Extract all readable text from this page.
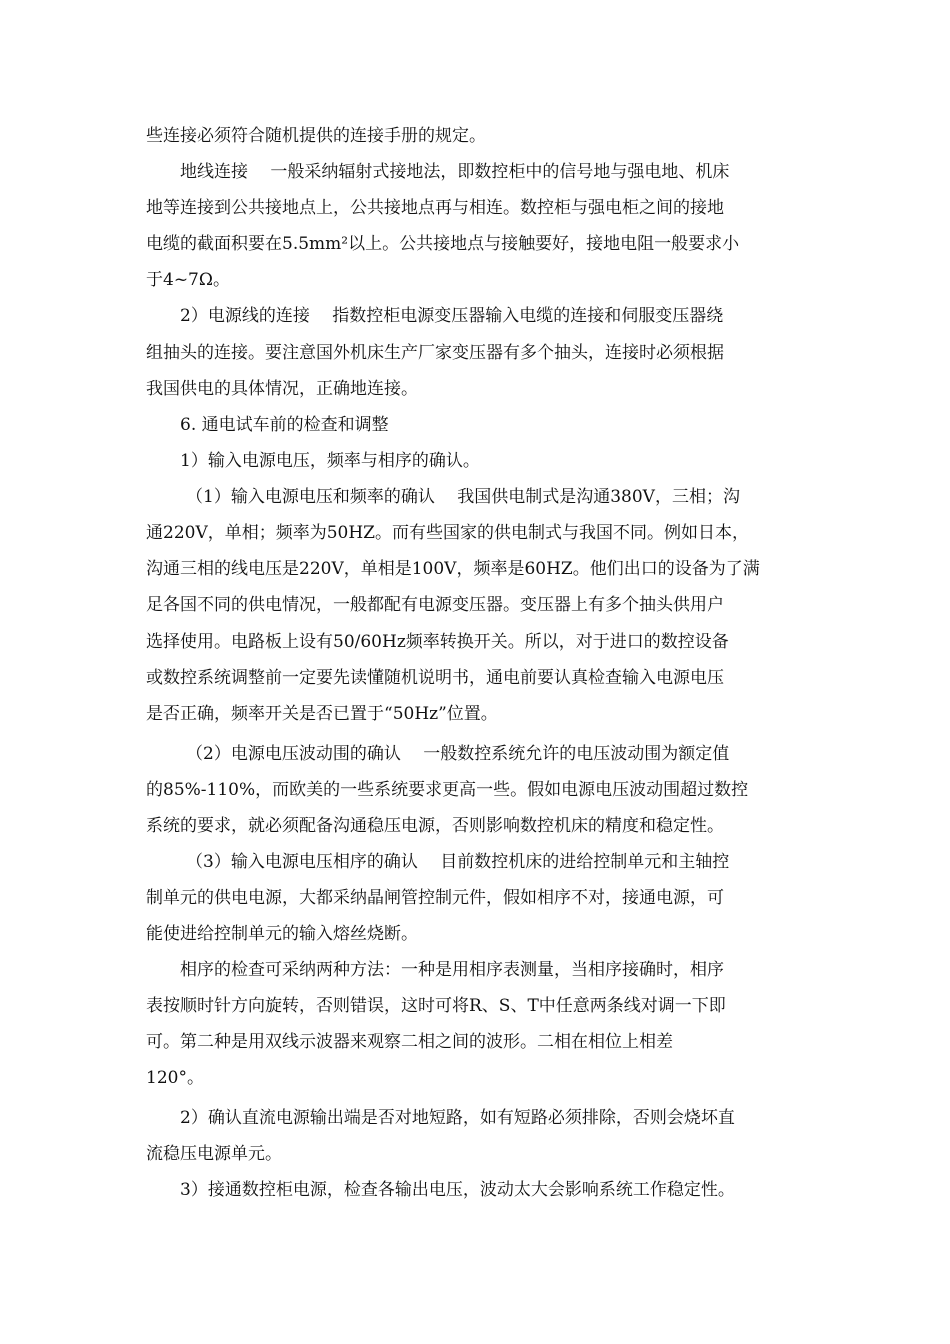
些连接必须符合随机提供的连接手册的规定。
地线连接　 一般采纳辐射式接地法，即数控柜中的信号地与强电地、机床
地等连接到公共接地点上，公共接地点再与相连。数控柜与强电柜之间的接地
电缆的截面积要在5.5mm²以上。公共接地点与接触要好，接地电阻一般要求小
于4~7Ω。
2）电源线的连接　 指数控柜电源变压器输入电缆的连接和伺服变压器绕
组抽头的连接。要注意国外机床生产厂家变压器有多个抽头，连接时必须根据
我国供电的具体情况，正确地连接。
6. 通电试车前的检查和调整
1）输入电源电压，频率与相序的确认。
（1）输入电源电压和频率的确认　 我国供电制式是沟通380V，三相；沟
通220V，单相；频率为50HZ。而有些国家的供电制式与我国不同。例如日本，
沟通三相的线电压是220V，单相是100V，频率是60HZ。他们出口的设备为了满
足各国不同的供电情况，一般都配有电源变压器。变压器上有多个抽头供用户
选择使用。电路板上设有50/60Hz频率转换开关。所以，对于进口的数控设备
或数控系统调整前一定要先读懂随机说明书，通电前要认真检查输入电源电压
是否正确，频率开关是否已置于“50Hz”位置。
（2）电源电压波动围的确认　 一般数控系统允许的电压波动围为额定值
的85%-110%，而欧美的一些系统要求更高一些。假如电源电压波动围超过数控
系统的要求，就必须配备沟通稳压电源，否则影响数控机床的精度和稳定性。
（3）输入电源电压相序的确认　 目前数控机床的进给控制单元和主轴控
制单元的供电电源，大都采纳晶闸管控制元件，假如相序不对，接通电源，可
能使进给控制单元的输入熔丝烧断。
相序的检查可采纳两种方法：一种是用相序表测量，当相序接确时，相序
表按顺时针方向旋转，否则错误，这时可将R、S、T中任意两条线对调一下即
可。第二种是用双线示波器来观察二相之间的波形。二相在相位上相差
120°。
2）确认直流电源输出端是否对地短路，如有短路必须排除，否则会烧坏直
流稳压电源单元。
3）接通数控柜电源，检查各输出电压，波动太大会影响系统工作稳定性。
